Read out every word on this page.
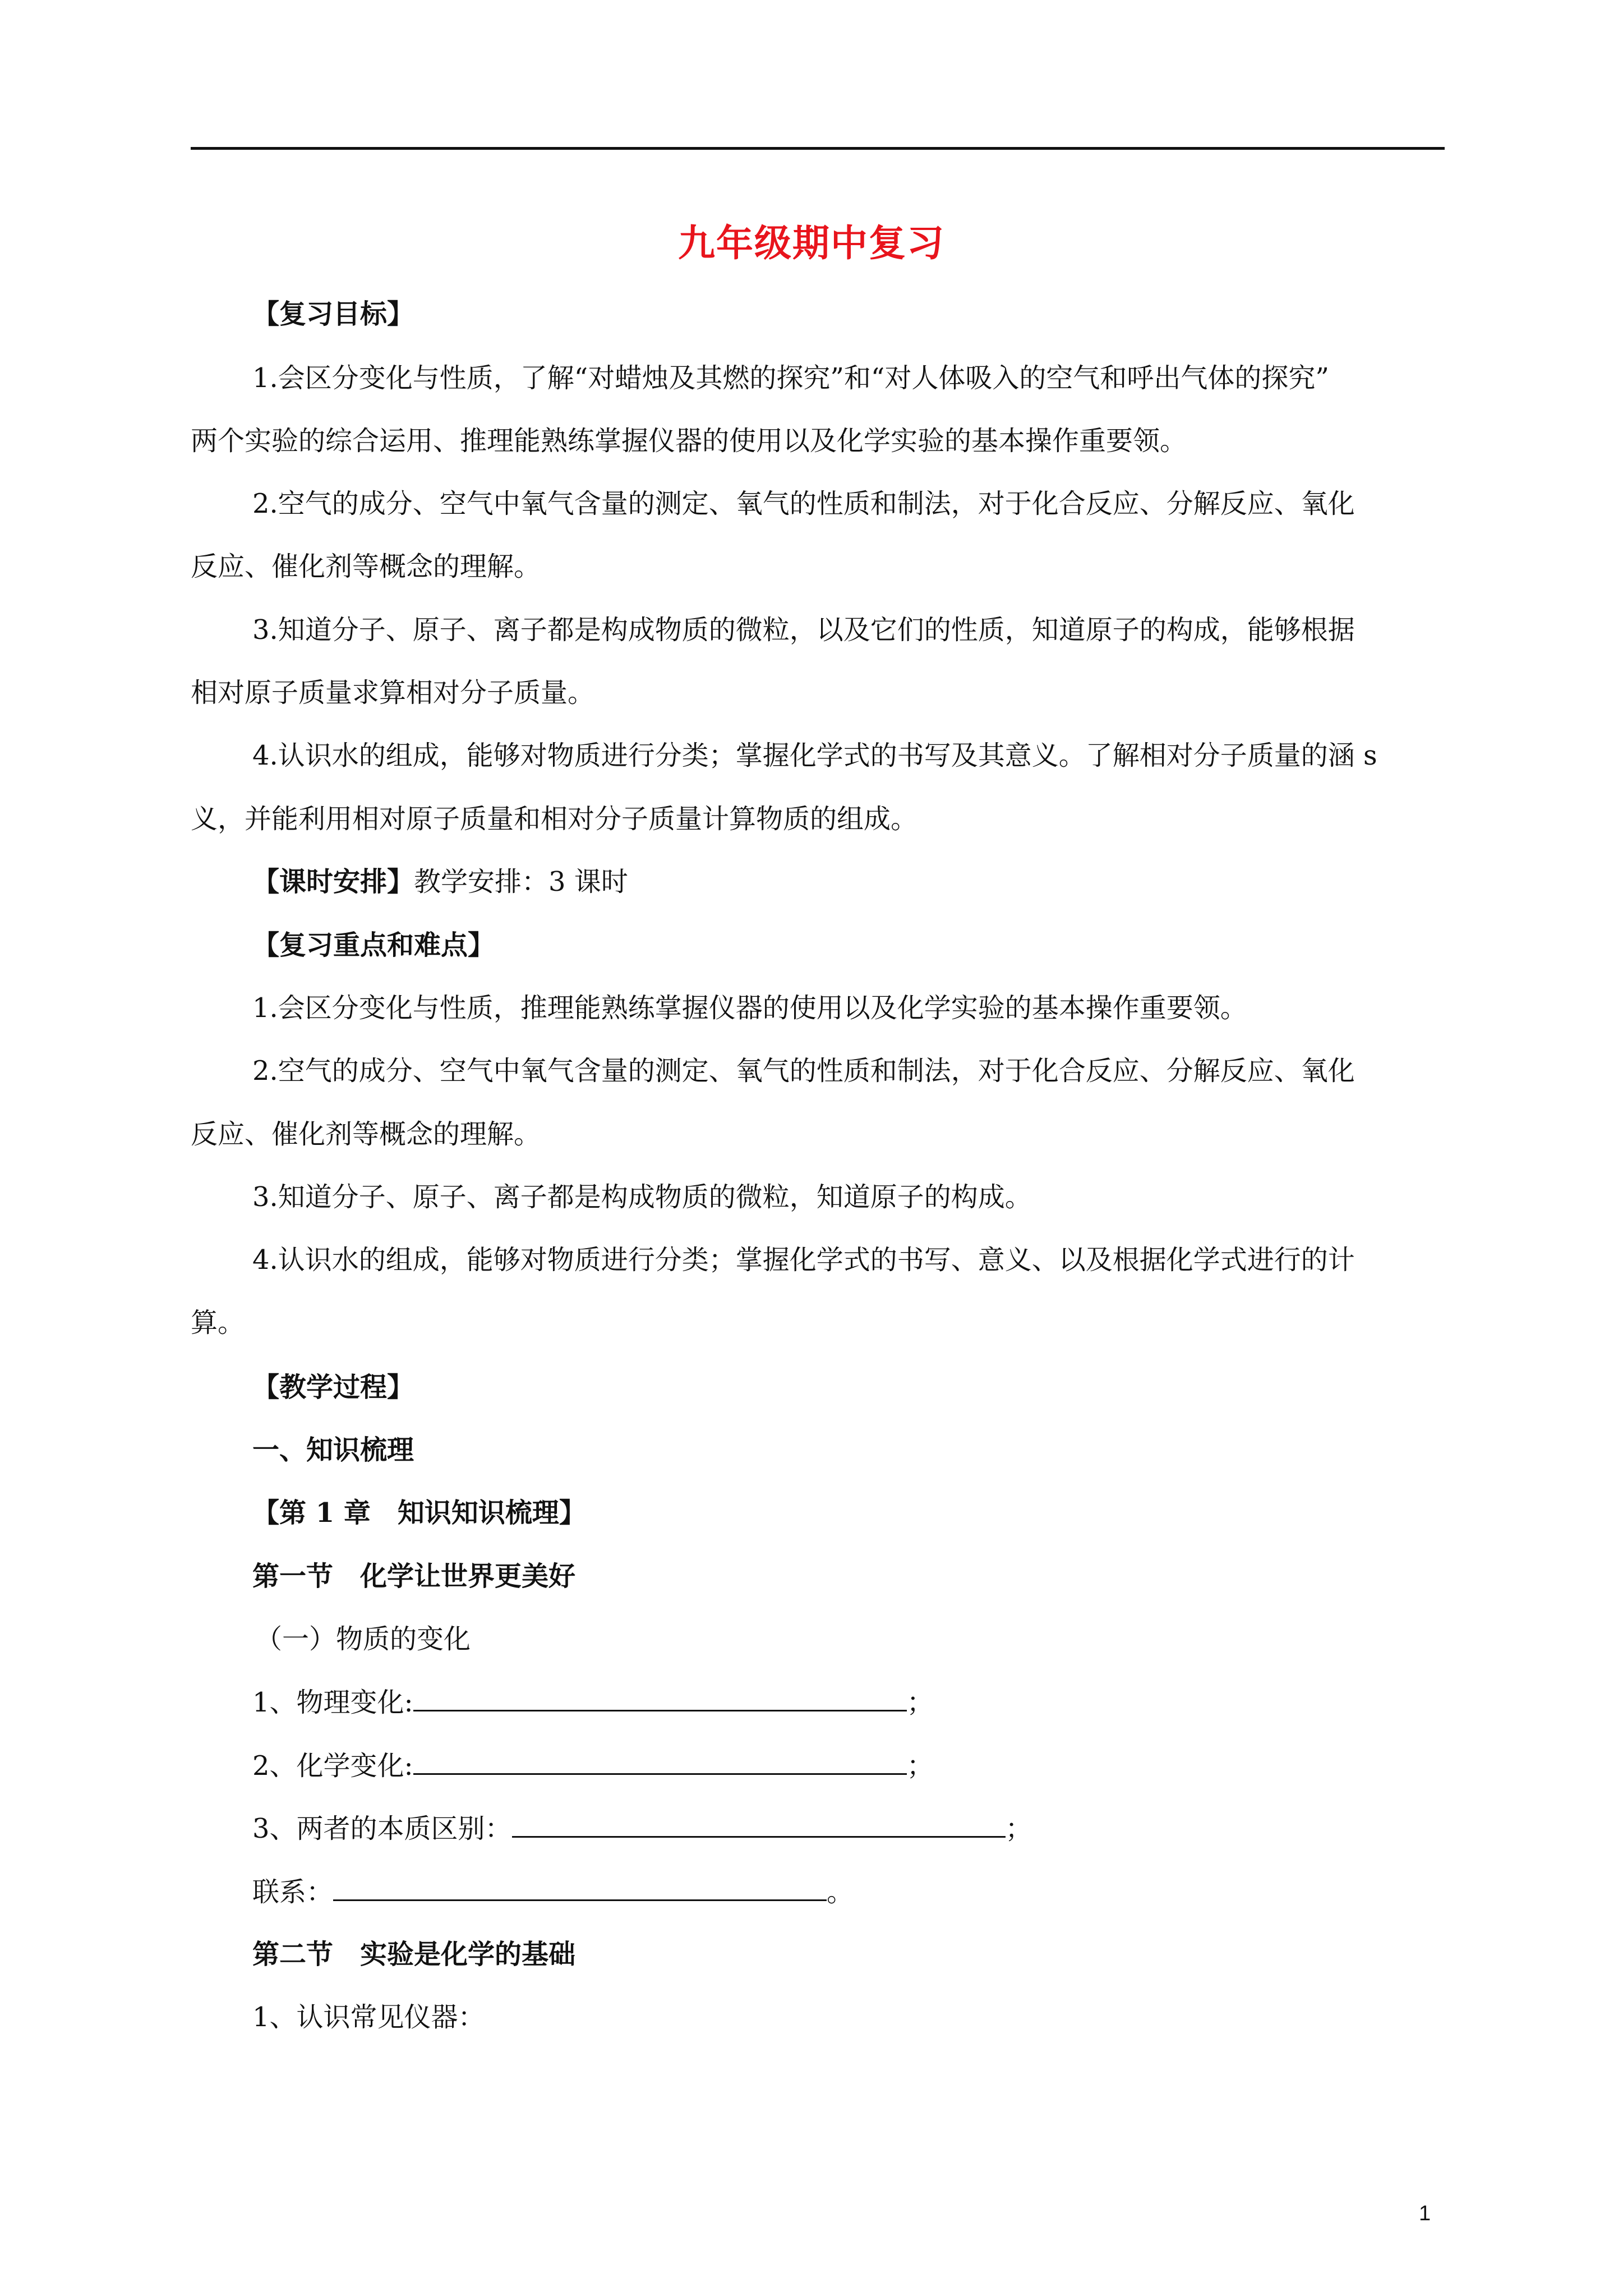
九年级期中复习
【复习目标】
1.会区分变化与性质，了解“对蜡烛及其燃的探究”和“对人体吸入的空气和呼出气体的探究”
两个实验的综合运用、推理能熟练掌握仪器的使用以及化学实验的基本操作重要领。
2.空气的成分、空气中氧气含量的测定、氧气的性质和制法，对于化合反应、分解反应、氧化
反应、催化剂等概念的理解。
3.知道分子、原子、离子都是构成物质的微粒，以及它们的性质，知道原子的构成，能够根据
相对原子质量求算相对分子质量。
4.认识水的组成，能够对物质进行分类；掌握化学式的书写及其意义。了解相对分子质量的涵 s
义，并能利用相对原子质量和相对分子质量计算物质的组成。
【课时安排】教学安排：3 课时
【复习重点和难点】
1.会区分变化与性质，推理能熟练掌握仪器的使用以及化学实验的基本操作重要领。
2.空气的成分、空气中氧气含量的测定、氧气的性质和制法，对于化合反应、分解反应、氧化
反应、催化剂等概念的理解。
3.知道分子、原子、离子都是构成物质的微粒，知道原子的构成。
4.认识水的组成，能够对物质进行分类；掌握化学式的书写、意义、以及根据化学式进行的计
算。
【教学过程】
一、知识梳理
【第 1 章　知识知识梳理】
第一节　化学让世界更美好
（一）物质的变化
1、物理变化:	；
2、化学变化:	；
3、两者的本质区别：	；
联系：	。
第二节　实验是化学的基础
1、认识常见仪器：
1
